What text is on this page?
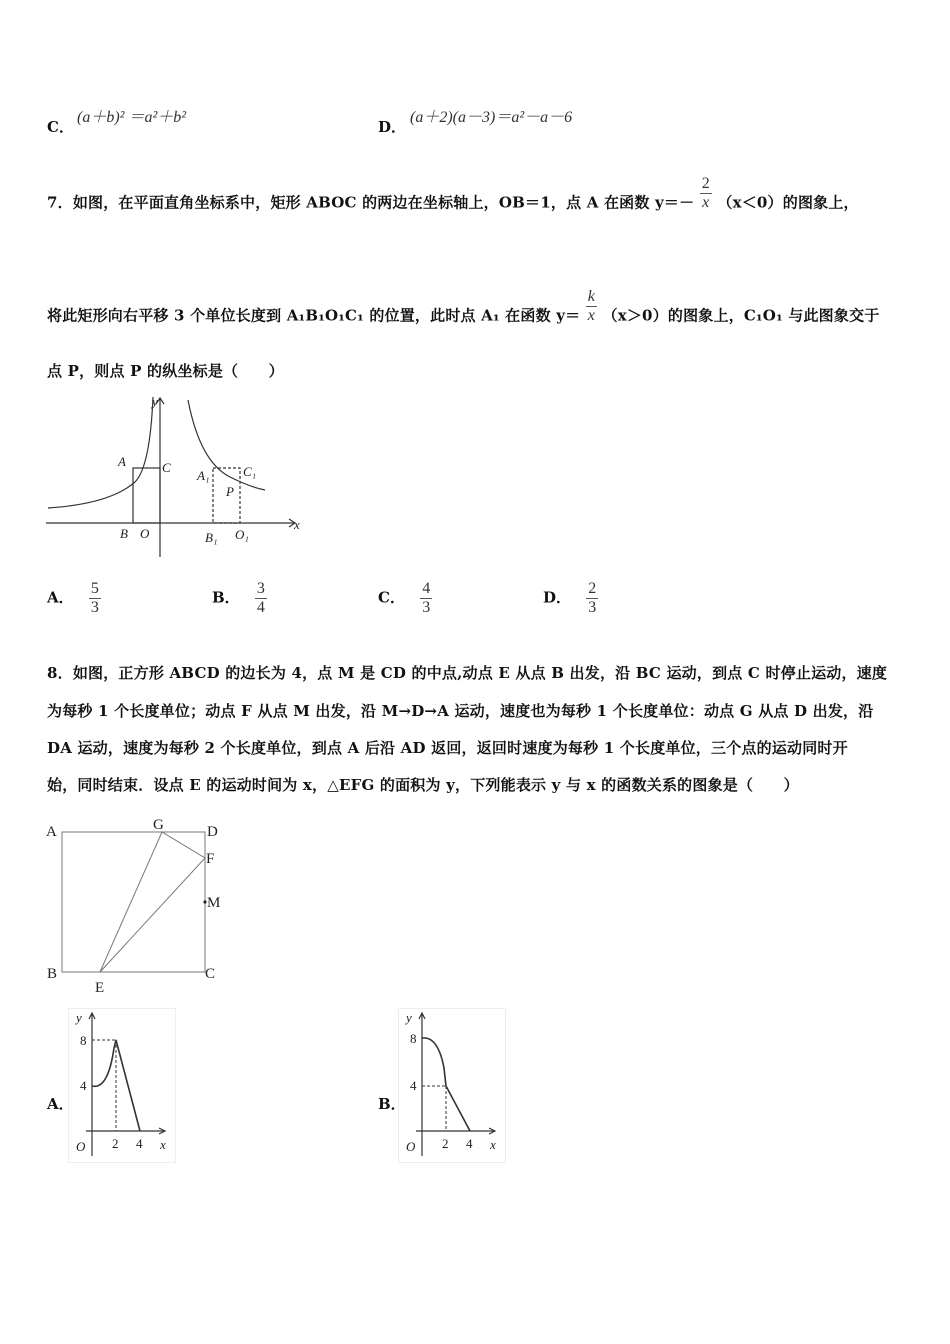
C．
(a＋b)² ＝a²＋b²
D．
(a＋2)(a－3)＝a²－a－6
7．如图，在平面直角坐标系中，矩形 ABOC 的两边在坐标轴上，OB＝1，点 A 在函数 $y=- \frac{2}{x} (x<0)$的图象上，
将此矩形向右平移 3 个单位长度到 A₁B₁O₁C₁ 的位置，此时点 A₁ 在函数 $y= \frac{k}{x} (x>0)$的图象上，C₁O₁ 与此图象交于
点 P，则点 P 的纵坐标是（　　）
y
x
A	C
B O
A₁	C₁
P
B₁ O₁
A． $\frac{5}{3}$	B． $\frac{3}{4}$	C． $\frac{4}{3}$	D． $\frac{2}{3}$
8．如图，正方形 ABCD 的边长为 4，点 M 是 CD 的中点,动点 E 从点 B 出发，沿 BC 运动，到点 C 时停止运动，速度
为每秒 1 个长度单位；动点 F 从点 M 出发，沿 M→D→A 运动，速度也为每秒 1 个长度单位：动点 G 从点 D 出发，沿
DA 运动，速度为每秒 2 个长度单位，到点 A 后沿 AD 返回，返回时速度为每秒 1 个长度单位，三个点的运动同时开
始，同时结束．设点 E 的运动时间为 x，△EFG 的面积为 y，下列能表示 y 与 x 的函数关系的图象是（　　）
A	G	D
F
M
B
E
C
A．
y
x
O
8
4
2 4
B．
y
x
O
8
4
2 4
